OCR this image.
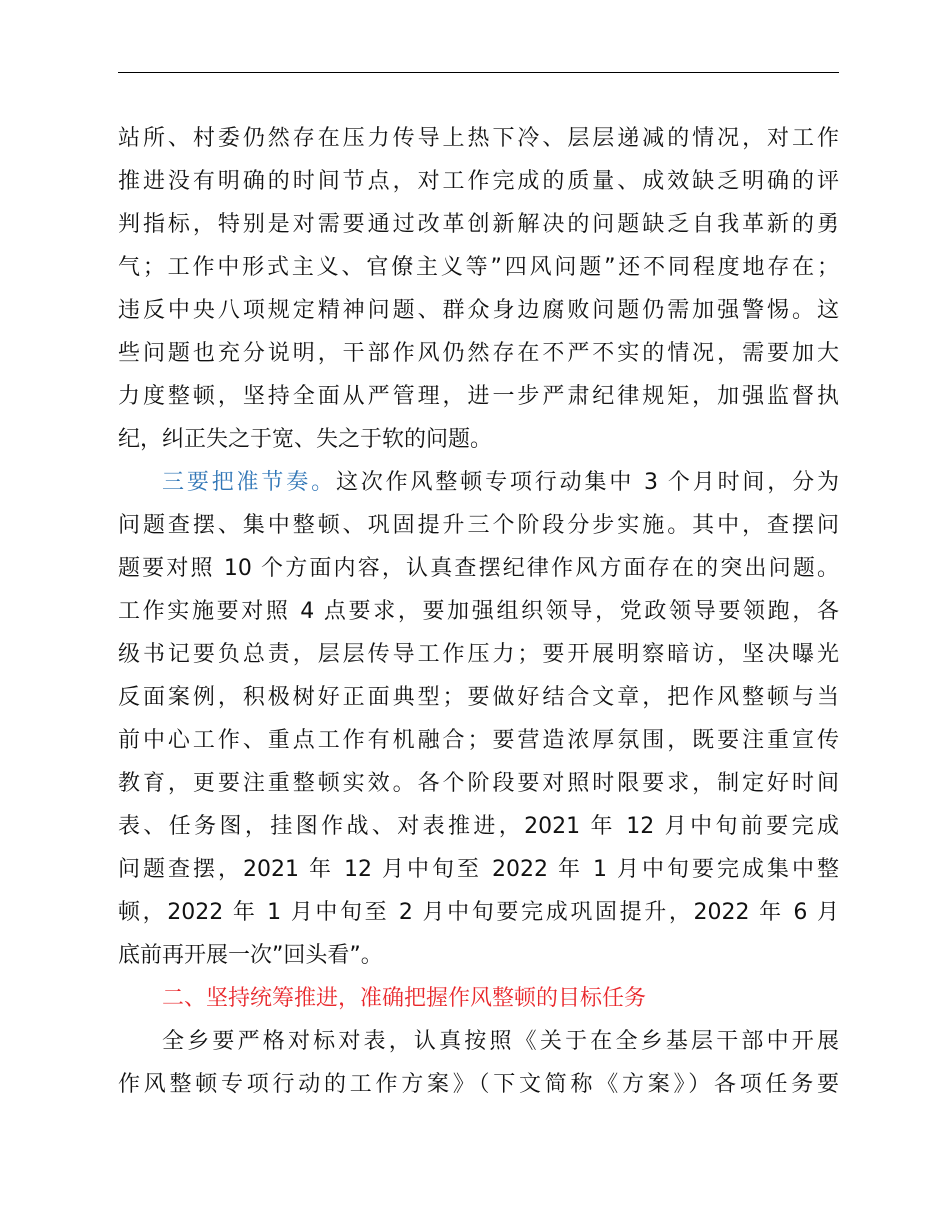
站所、村委仍然存在压力传导上热下冷、层层递减的情况，对工作
推进没有明确的时间节点，对工作完成的质量、成效缺乏明确的评
判指标，特别是对需要通过改革创新解决的问题缺乏自我革新的勇
气；工作中形式主义、官僚主义等”四风问题”还不同程度地存在；
违反中央八项规定精神问题、群众身边腐败问题仍需加强警惕。这
些问题也充分说明，干部作风仍然存在不严不实的情况，需要加大
力度整顿，坚持全面从严管理，进一步严肃纪律规矩，加强监督执
纪，纠正失之于宽、失之于软的问题。
三要把准节奏。这次作风整顿专项行动集中 3 个月时间，分为
问题查摆、集中整顿、巩固提升三个阶段分步实施。其中，查摆问
题要对照 10 个方面内容，认真查摆纪律作风方面存在的突出问题。
工作实施要对照 4 点要求，要加强组织领导，党政领导要领跑，各
级书记要负总责，层层传导工作压力；要开展明察暗访，坚决曝光
反面案例，积极树好正面典型；要做好结合文章，把作风整顿与当
前中心工作、重点工作有机融合；要营造浓厚氛围，既要注重宣传
教育，更要注重整顿实效。各个阶段要对照时限要求，制定好时间
表、任务图，挂图作战、对表推进，2021 年 12 月中旬前要完成
问题查摆，2021 年 12 月中旬至 2022 年 1 月中旬要完成集中整
顿，2022 年 1 月中旬至 2 月中旬要完成巩固提升，2022 年 6 月
底前再开展一次”回头看”。
二、坚持统筹推进，准确把握作风整顿的目标任务
全乡要严格对标对表，认真按照《关于在全乡基层干部中开展
作风整顿专项行动的工作方案》（下文简称《方案》）各项任务要
